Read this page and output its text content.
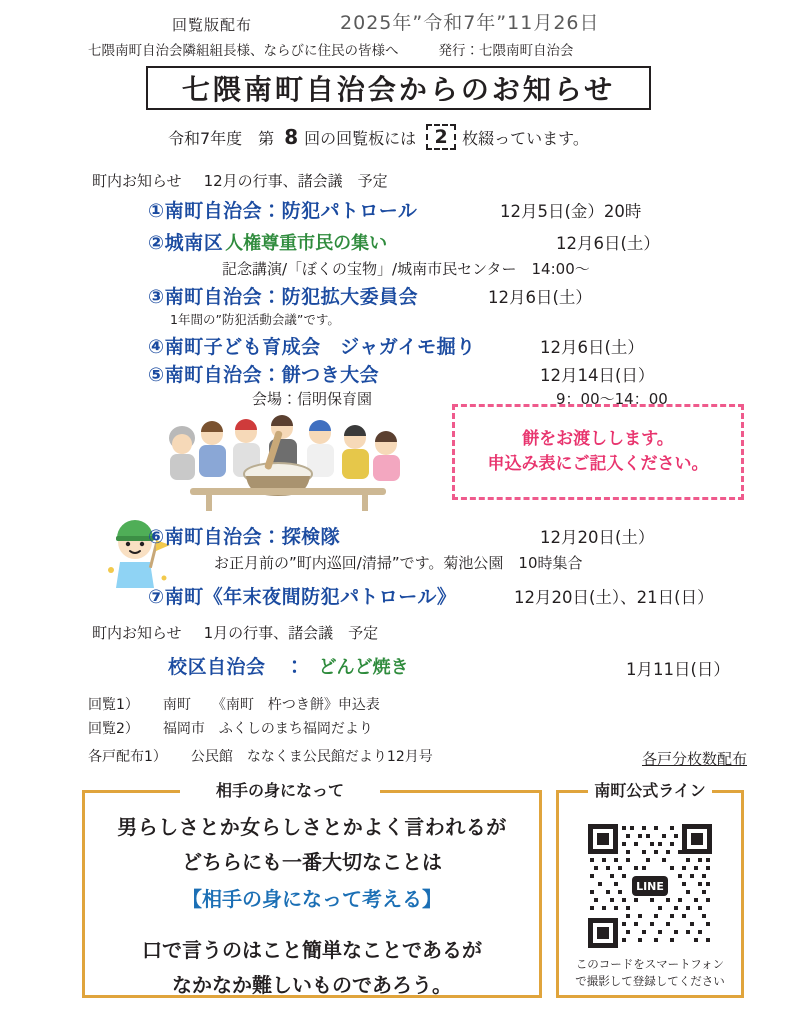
回覧版配布	2025年”令和7年”11月26日
七隈南町自治会隣組組長様、ならびに住民の皆様へ	発行：七隈南町自治会
七隈南町自治会からのお知らせ
令和7年度　第 8 回の回覧板には 2 枚綴っています。
町内お知らせ 12月の行事、諸会議　予定
① 南町自治会：防犯パトロール	12月5日(金）20時
② 城南区 人権尊重市民の集い	12月6日(土）
記念講演/「ぼくの宝物」/城南市民センター　14:00〜
③ 南町自治会：防犯拡大委員会	12月6日(土）
1年間の”防犯活動会議”です。
④ 南町子ども育成会　ジャガイモ掘り	12月6日(土）
⑤ 南町自治会：餅つき大会	12月14日(日）
会場：信明保育園	9：00〜14：00
餅をお渡しします。
申込み表にご記入ください。
⑥ 南町自治会：探検隊	12月20日(土）
お正月前の”町内巡回/清掃”です。菊池公園　10時集合
⑦ 南町《 年末夜間防犯パトロール 》	12月20日(土）、21日(日）
町内お知らせ 1月の行事、諸会議　予定
校区自治会　： どんど焼き	1月11日(日）
回覧1） 南町　　《南町　杵つき餅》申込表
回覧2） 福岡市　ふくしのまち福岡だより
各戸配布1） 公民館　ななくま公民館だより12月号	各戸分枚数配布
男らしさとか女らしさとかよく言われるが
どちらにも一番大切なことは
【相手の身になって考える】
口で言うのはこと簡単なことであるが
なかなか難しいものであろう。
相手の身になって	南町公式ライン
LINE
このコードをスマートフォン
で撮影して登録してください
